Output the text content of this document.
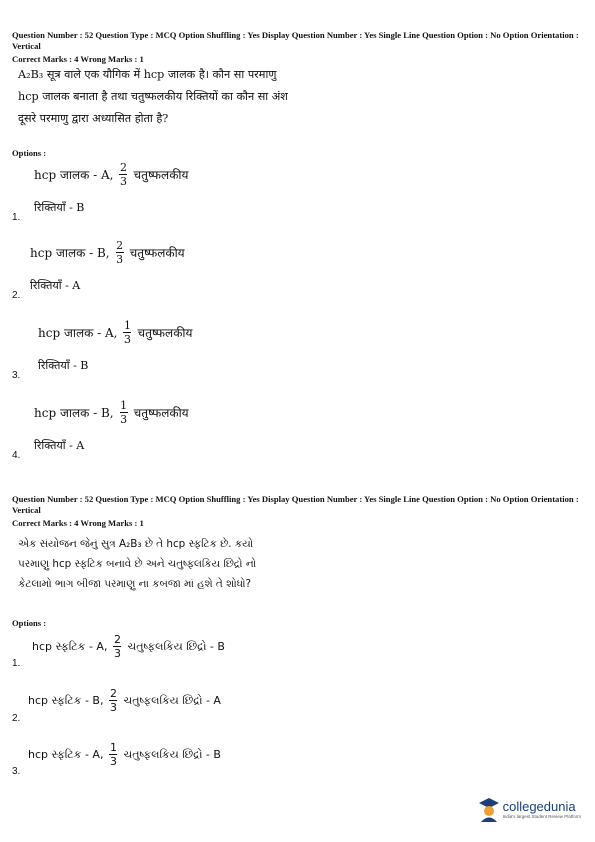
Question Number : 52 Question Type : MCQ Option Shuffling : Yes Display Question Number : Yes Single Line Question Option : No Option Orientation : Vertical
Correct Marks : 4 Wrong Marks : 1
A₂B₃ सूत्र वाले एक यौगिक में hcp जालक है। कौन सा परमाणु hcp जालक बनाता है तथा चतुष्फलकीय रिक्तियों का कौन सा अंश दूसरे परमाणु द्वारा अध्यासित होता है?
Options :
hcp जालक - A, $\frac{2}{3}$ चतुष्फलकीय
रिक्तियाँ - B
1.
hcp जालक - B, $\frac{2}{3}$ चतुष्फलकीय
रिक्तियाँ - A
2.
hcp जालक - A, $\frac{1}{3}$ चतुष्फलकीय
रिक्तियाँ - B
3.
hcp जालक - B, $\frac{1}{3}$ चतुष्फलकीय
रिक्तियाँ - A
4.
Question Number : 52 Question Type : MCQ Option Shuffling : Yes Display Question Number : Yes Single Line Question Option : No Option Orientation : Vertical
Correct Marks : 4 Wrong Marks : 1
એક સંયોજન જેનું સુત્ર A₂B₃ છે તે hcp સ્ફટિક છે. કયો પરમાણુ hcp સ્ફટિક બનાવે છે અને ચતુષ્ફલકિય છિદ્રો નો કેટલામો ભાગ બીજા પરમાણુ ના કબજા માં હશે તે શોધો?
Options :
hcp સ્ફટિક - A, $\frac{2}{3}$ ચતુષ્ફલકિય છિદ્રો - B
1.
hcp સ્ફટિક - B, $\frac{2}{3}$ ચતુષ્ફલકિય છિદ્રો - A
2.
hcp સ્ફટિક - A, $\frac{1}{3}$ ચતુષ્ફલકિય છિદ્રો - B
3.
collegedunia
India's largest Student Review Platform
